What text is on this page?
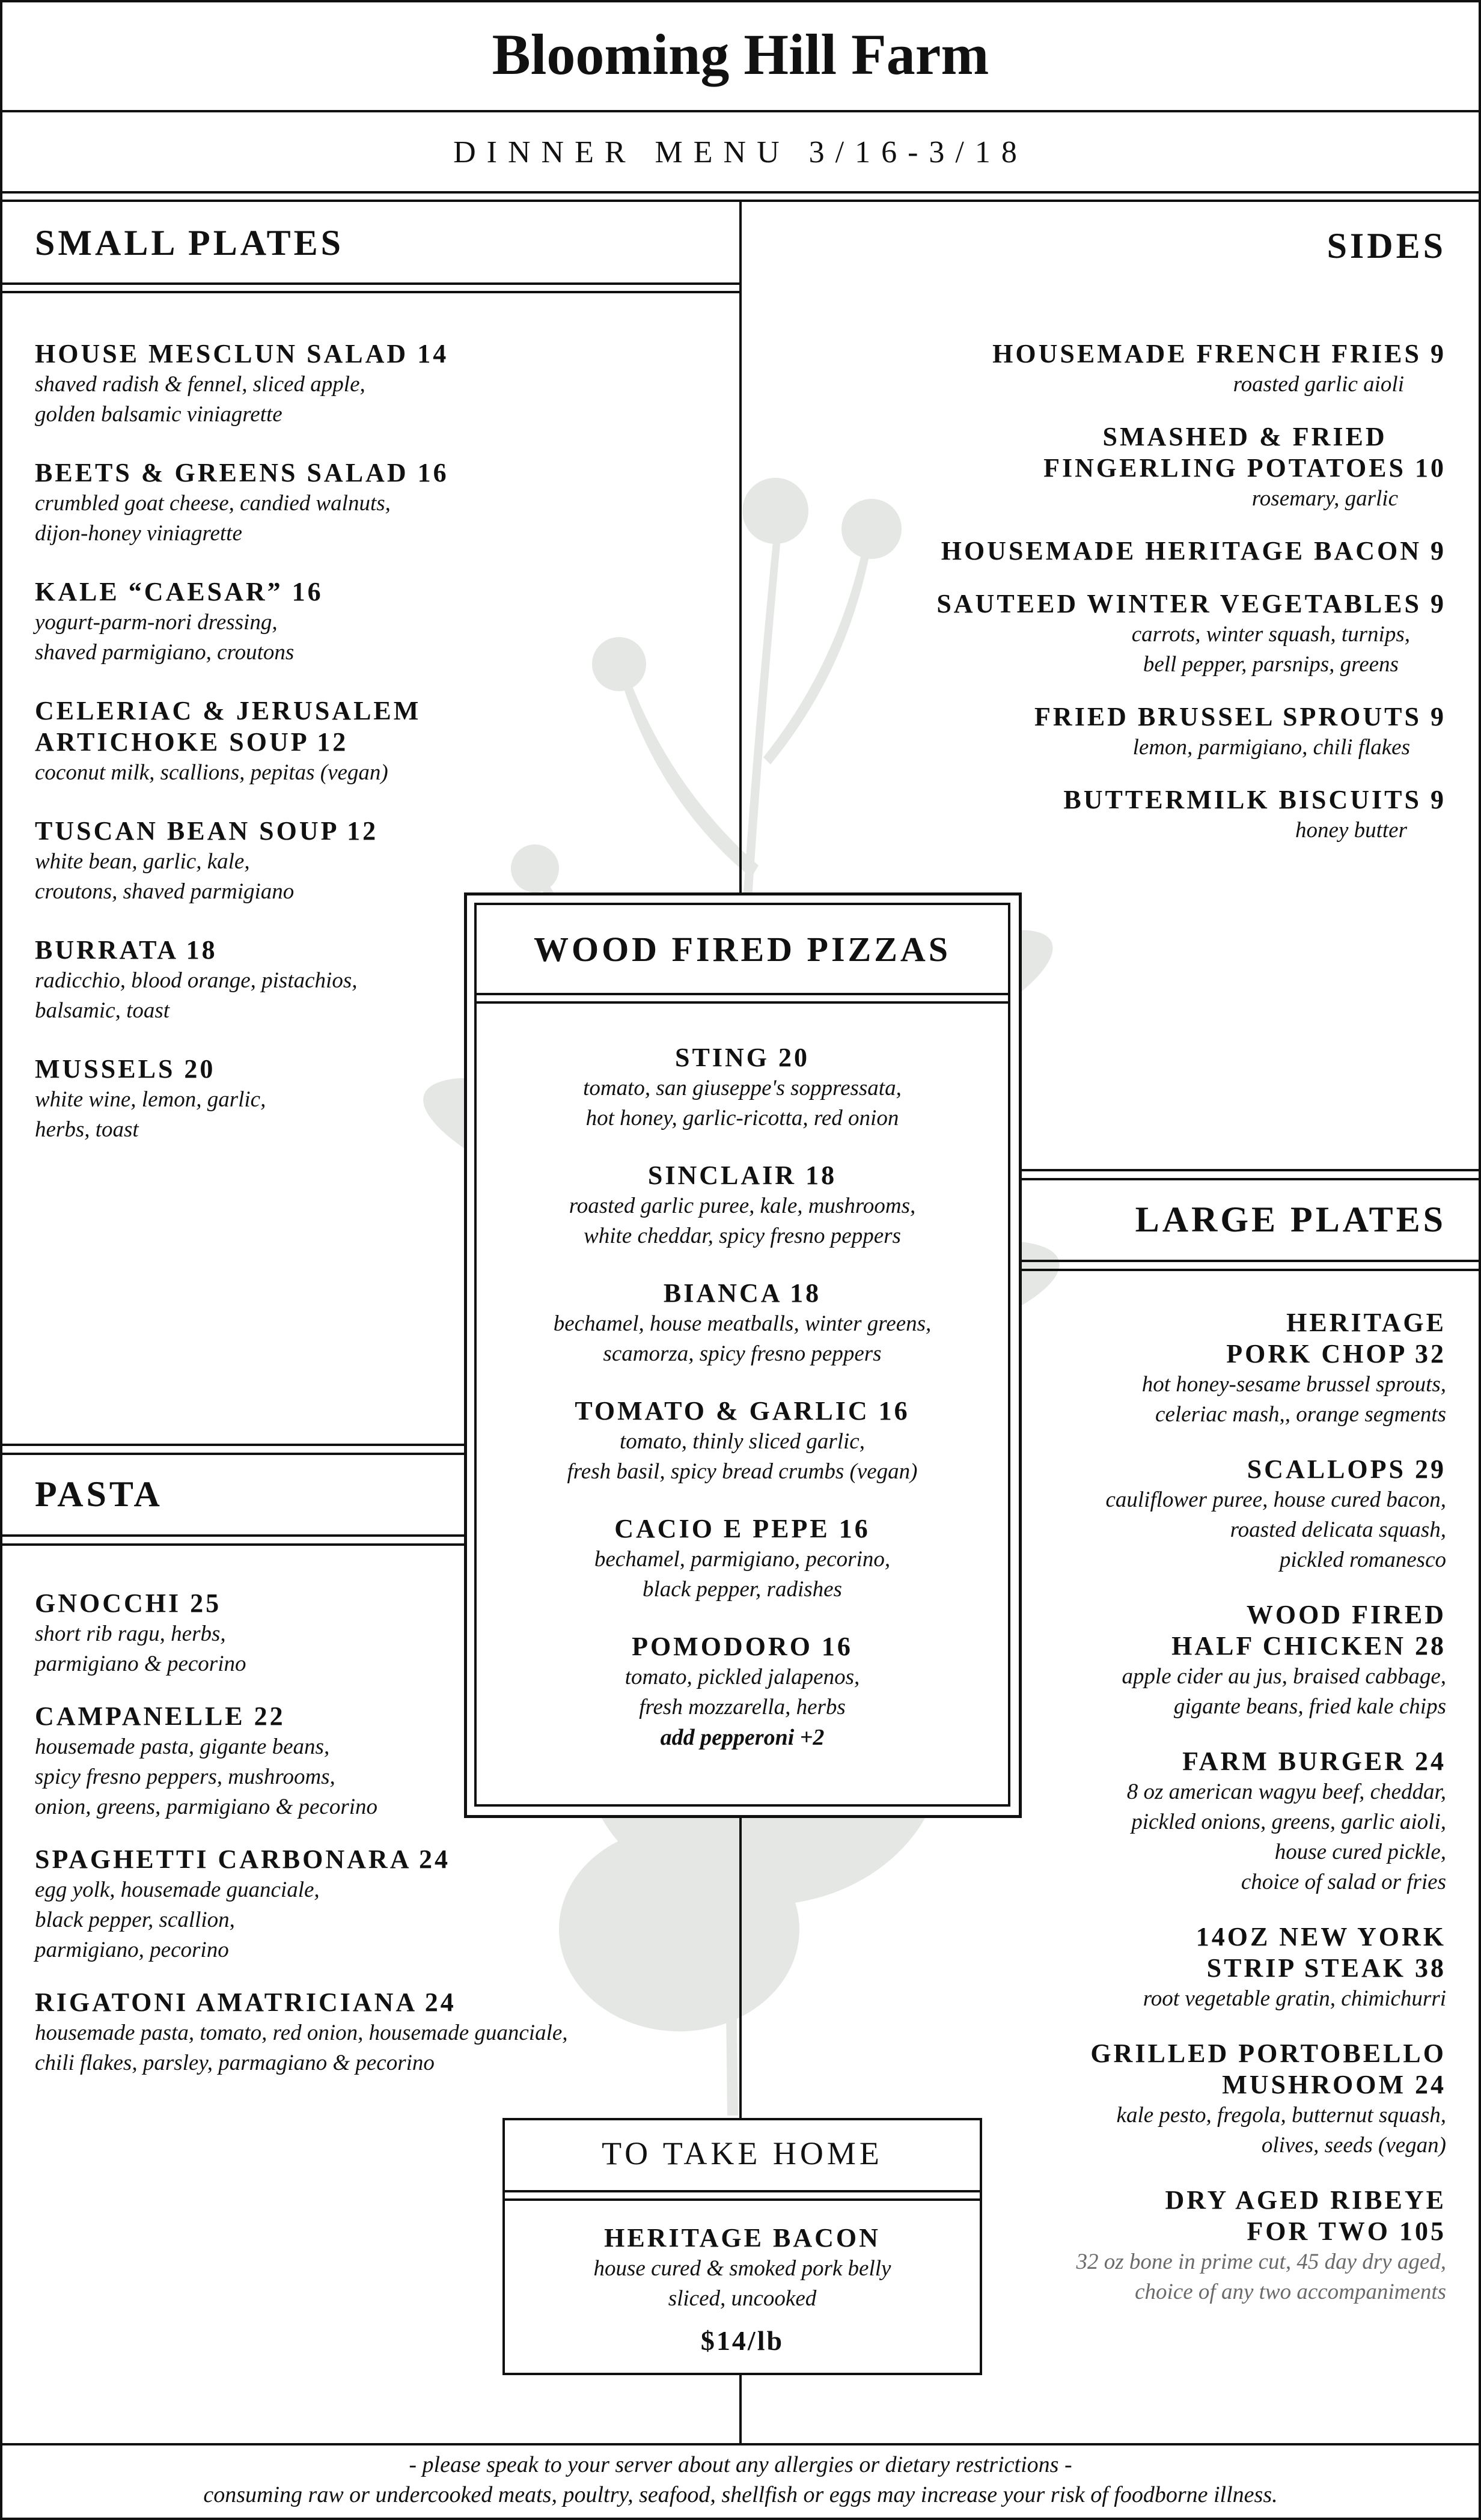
Blooming Hill Farm
DINNER MENU 3/16-3/18
SMALL PLATES
HOUSE MESCLUN SALAD 14
shaved radish & fennel, sliced apple,
golden balsamic viniagrette
BEETS & GREENS SALAD 16
crumbled goat cheese, candied walnuts,
dijon-honey viniagrette
KALE “CAESAR” 16
yogurt-parm-nori dressing,
shaved parmigiano, croutons
CELERIAC & JERUSALEM
ARTICHOKE SOUP 12
coconut milk, scallions, pepitas (vegan)
TUSCAN BEAN SOUP 12
white bean, garlic, kale,
croutons, shaved parmigiano
BURRATA 18
radicchio, blood orange, pistachios,
balsamic, toast
MUSSELS 20
white wine, lemon, garlic,
herbs, toast
SIDES
HOUSEMADE FRENCH FRIES 9
roasted garlic aioli
SMASHED & FRIED
FINGERLING POTATOES 10
rosemary, garlic
HOUSEMADE HERITAGE BACON 9
SAUTEED WINTER VEGETABLES 9
carrots, winter squash, turnips,
bell pepper, parsnips, greens
FRIED BRUSSEL SPROUTS 9
lemon, parmigiano, chili flakes
BUTTERMILK BISCUITS 9
honey butter
PASTA
GNOCCHI 25
short rib ragu, herbs,
parmigiano & pecorino
CAMPANELLE 22
housemade pasta, gigante beans,
spicy fresno peppers, mushrooms,
onion, greens, parmigiano & pecorino
SPAGHETTI CARBONARA 24
egg yolk, housemade guanciale,
black pepper, scallion,
parmigiano, pecorino
RIGATONI AMATRICIANA 24
housemade pasta, tomato, red onion, housemade guanciale,
chili flakes, parsley, parmagiano & pecorino
LARGE PLATES
HERITAGE
PORK CHOP 32
hot honey-sesame brussel sprouts,
celeriac mash,, orange segments
SCALLOPS 29
cauliflower puree, house cured bacon,
roasted delicata squash,
pickled romanesco
WOOD FIRED
HALF CHICKEN 28
apple cider au jus, braised cabbage,
gigante beans, fried kale chips
FARM BURGER 24
8 oz american wagyu beef, cheddar,
pickled onions, greens, garlic aioli,
house cured pickle,
choice of salad or fries
14OZ NEW YORK
STRIP STEAK 38
root vegetable gratin, chimichurri
GRILLED PORTOBELLO
MUSHROOM 24
kale pesto, fregola, butternut squash,
olives, seeds (vegan)
DRY AGED RIBEYE
FOR TWO 105
32 oz bone in prime cut, 45 day dry aged,
choice of any two accompaniments
WOOD FIRED PIZZAS
STING 20
tomato, san giuseppe's soppressata,
hot honey, garlic-ricotta, red onion
SINCLAIR 18
roasted garlic puree, kale, mushrooms,
white cheddar, spicy fresno peppers
BIANCA 18
bechamel, house meatballs, winter greens,
scamorza, spicy fresno peppers
TOMATO & GARLIC 16
tomato, thinly sliced garlic,
fresh basil, spicy bread crumbs (vegan)
CACIO E PEPE 16
bechamel, parmigiano, pecorino,
black pepper, radishes
POMODORO 16
tomato, pickled jalapenos,
fresh mozzarella, herbs
add pepperoni +2
TO TAKE HOME
HERITAGE BACON
house cured & smoked pork belly
sliced, uncooked
$14/lb
- please speak to your server about any allergies or dietary restrictions -
consuming raw or undercooked meats, poultry, seafood, shellfish or eggs may increase your risk of foodborne illness.
